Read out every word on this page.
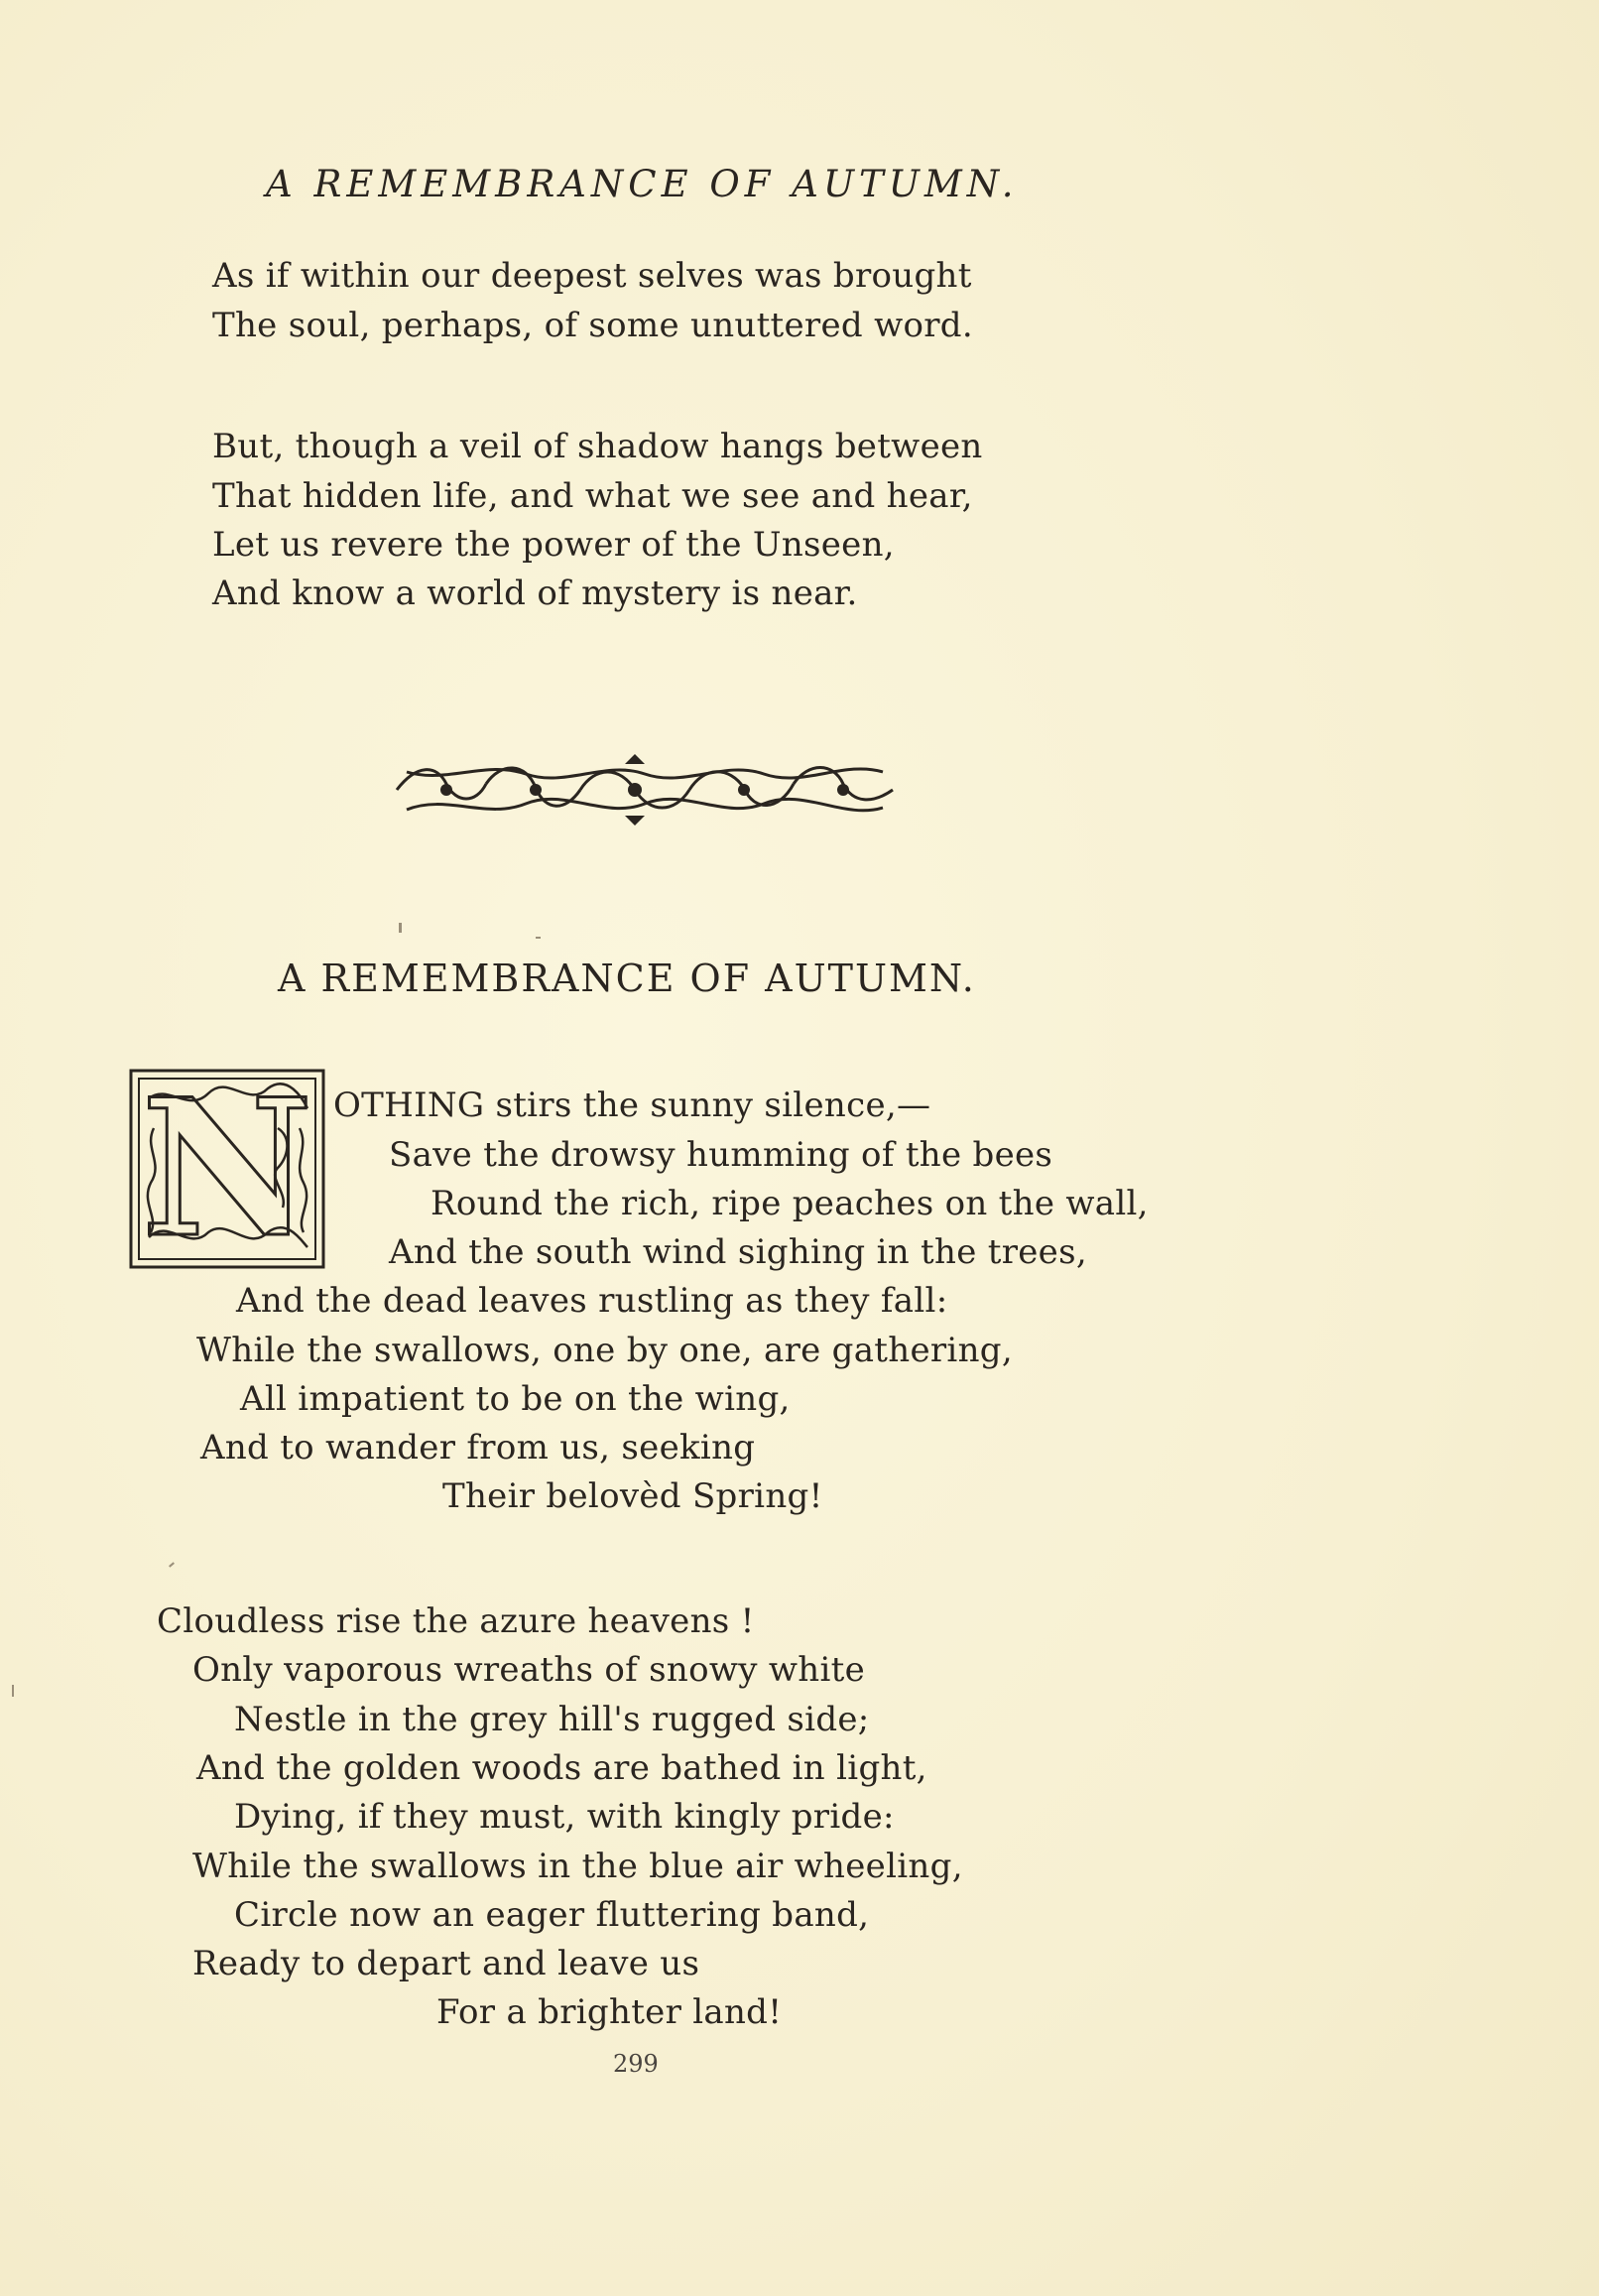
A REMEMBRANCE OF AUTUMN.
As if within our deepest selves was brought
The soul, perhaps, of some unuttered word.
But, though a veil of shadow hangs between
That hidden life, and what we see and hear,
Let us revere the power of the Unseen,
And know a world of mystery is near.
A REMEMBRANCE OF AUTUMN.
N OTHING stirs the sunny silence,—
Save the drowsy humming of the bees
Round the rich, ripe peaches on the wall,
And the south wind sighing in the trees,
And the dead leaves rustling as they fall:
While the swallows, one by one, are gathering,
All impatient to be on the wing,
And to wander from us, seeking
Their belovèd Spring!
Cloudless rise the azure heavens !
Only vaporous wreaths of snowy white
Nestle in the grey hill's rugged side;
And the golden woods are bathed in light,
Dying, if they must, with kingly pride:
While the swallows in the blue air wheeling,
Circle now an eager fluttering band,
Ready to depart and leave us
For a brighter land!
299
